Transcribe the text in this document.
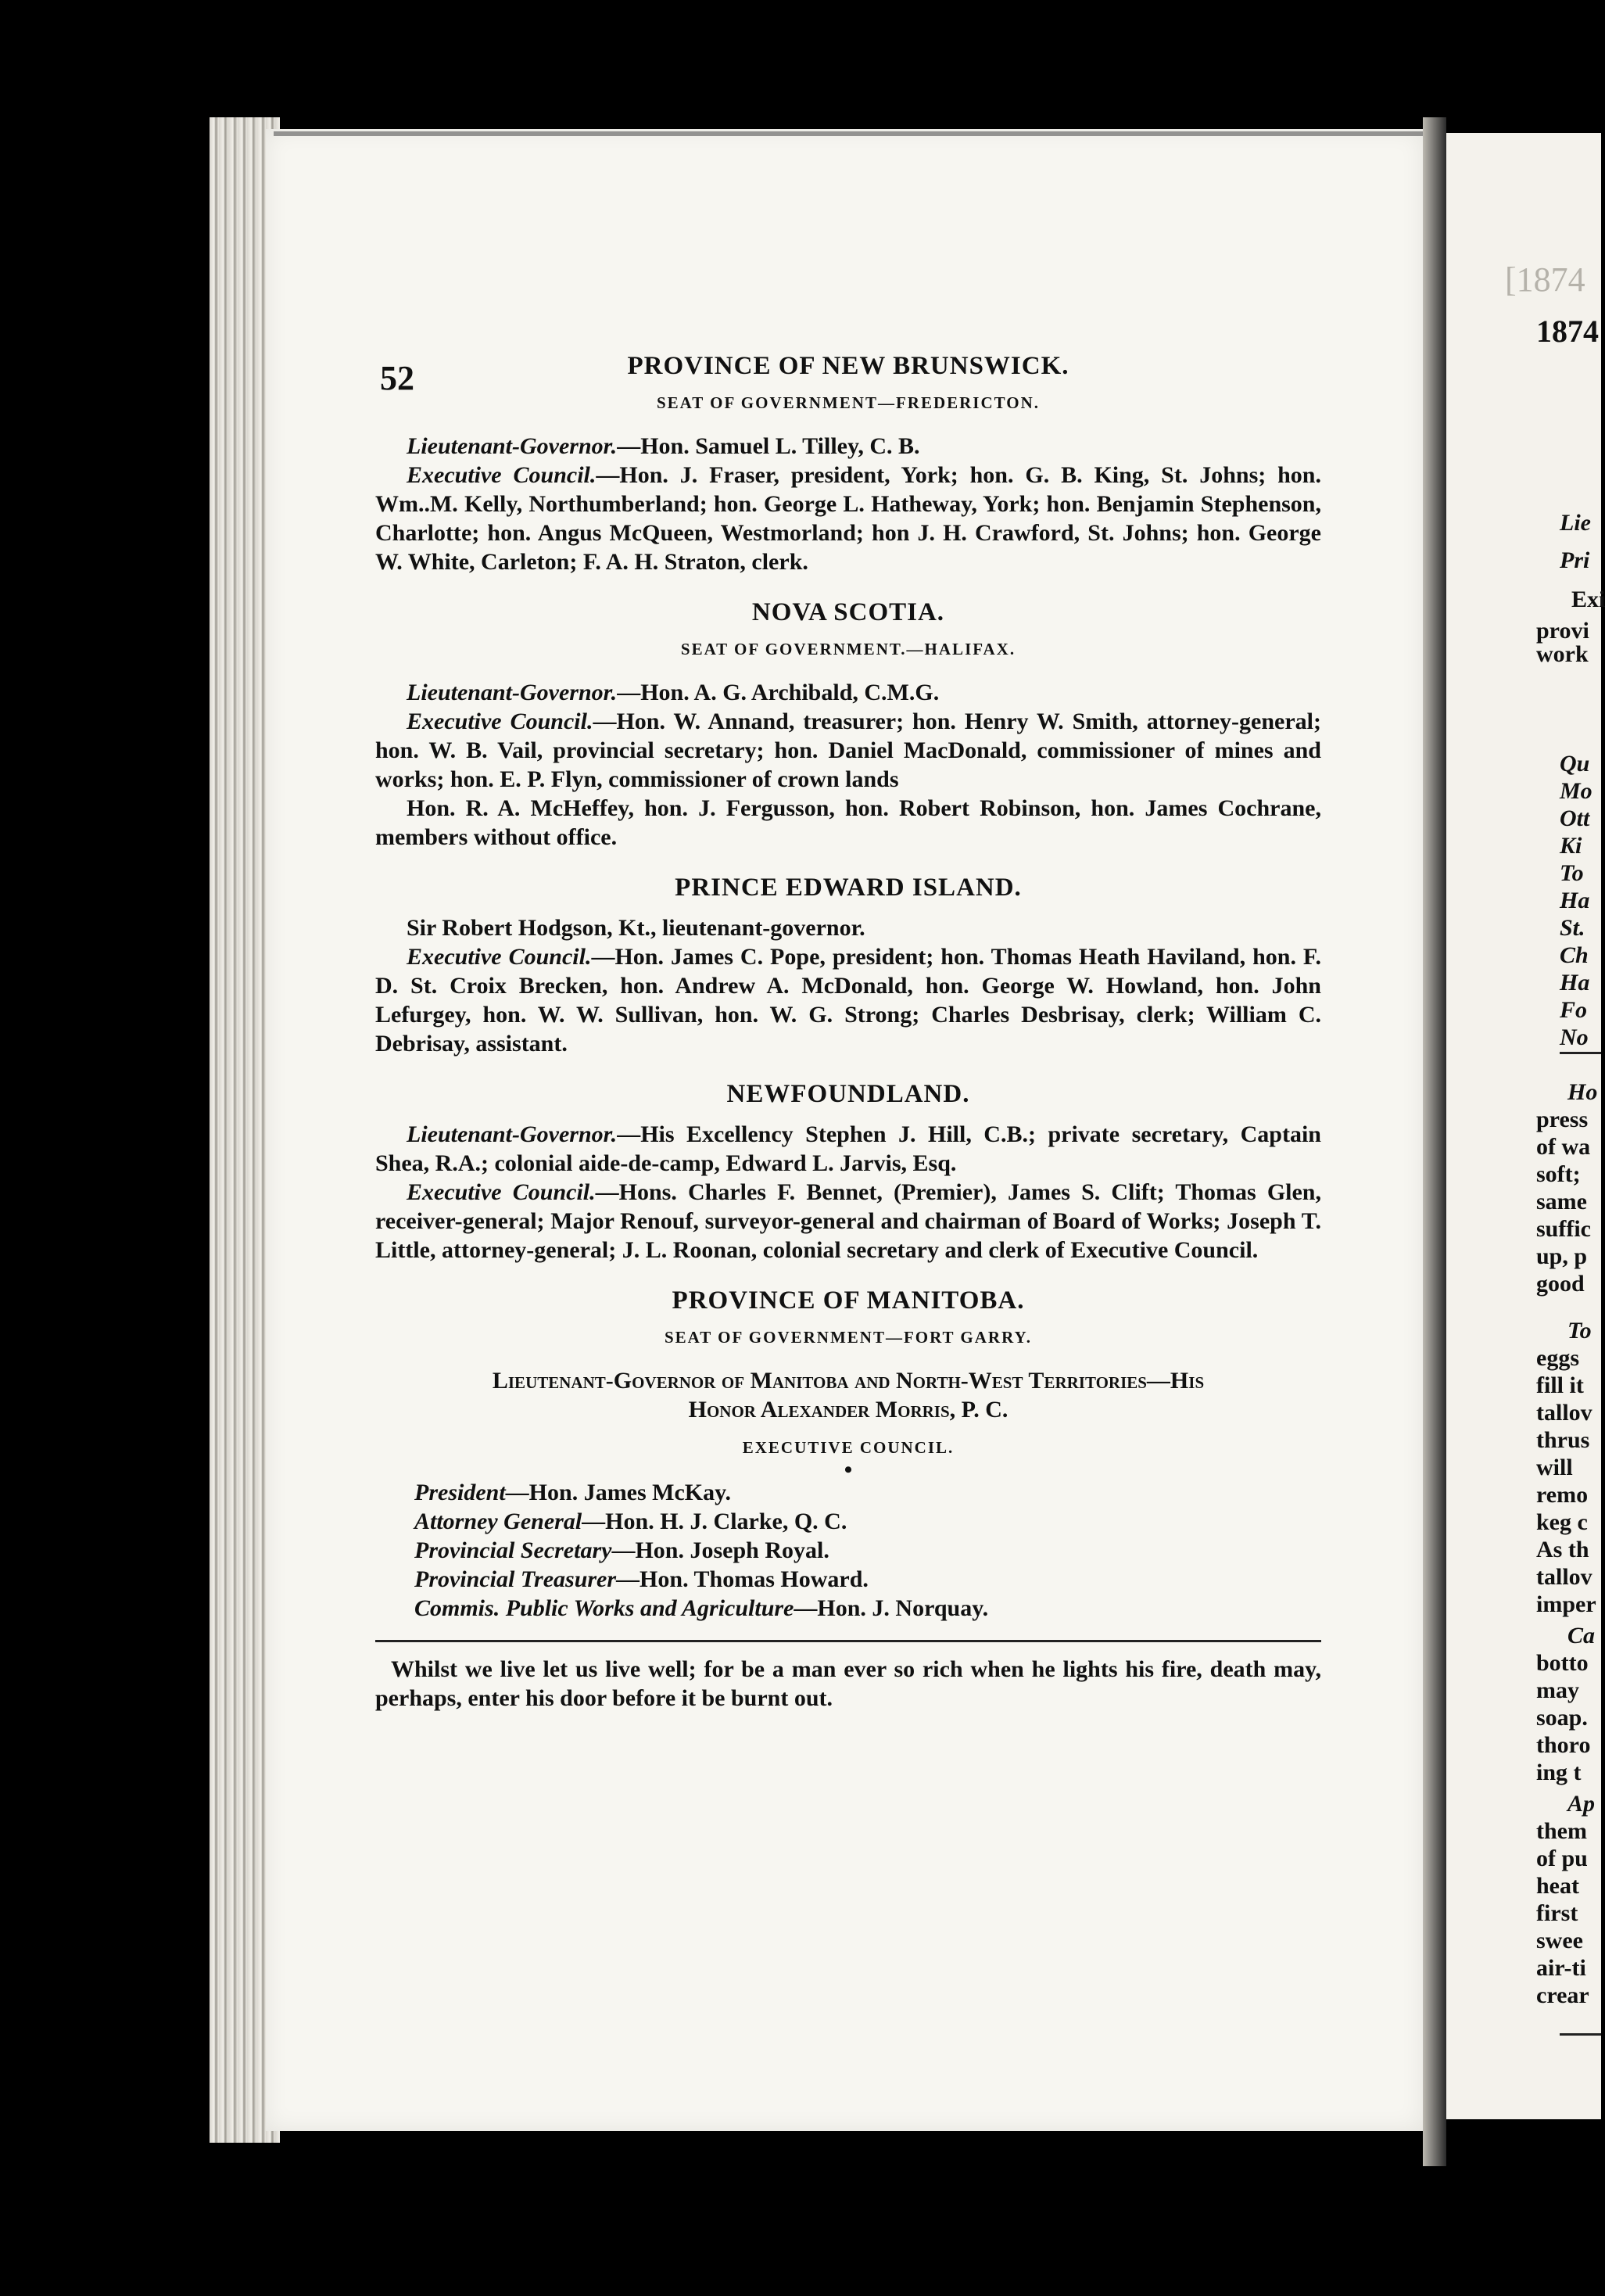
52	PROVINCE OF NEW BRUNSWICK.

SEAT OF GOVERNMENT—FREDERICTON.

Lieutenant-Governor.—Hon. Samuel L. Tilley, C. B.

Executive Council.—Hon. J. Fraser, president, York; hon. G. B. King, St. Johns; hon. Wm..M. Kelly, Northumberland; hon. George L. Hatheway, York; hon. Benjamin Stephenson, Charlotte; hon. Angus McQueen, Westmorland; hon J. H. Crawford, St. Johns; hon. George W. White, Carleton; F. A. H. Straton, clerk.

NOVA SCOTIA.

SEAT OF GOVERNMENT.—HALIFAX.

Lieutenant-Governor.—Hon. A. G. Archibald, C.M.G.

Executive Council.—Hon. W. Annand, treasurer; hon. Henry W. Smith, attorney-general; hon. W. B. Vail, provincial secretary; hon. Daniel MacDonald, commissioner of mines and works; hon. E. P. Flyn, commissioner of crown lands

Hon. R. A. McHeffey, hon. J. Fergusson, hon. Robert Robinson, hon. James Cochrane, members without office.

PRINCE EDWARD ISLAND.

Sir Robert Hodgson, Kt., lieutenant-governor.

Executive Council.—Hon. James C. Pope, president; hon. Thomas Heath Haviland, hon. F. D. St. Croix Brecken, hon. Andrew A. McDonald, hon. George W. Howland, hon. John Lefurgey, hon. W. W. Sullivan, hon. W. G. Strong; Charles Desbrisay, clerk; William C. Debrisay, assistant.

NEWFOUNDLAND.

Lieutenant-Governor.—His Excellency Stephen J. Hill, C.B.; private secretary, Captain Shea, R.A.; colonial aide-de-camp, Edward L. Jarvis, Esq.

Executive Council.—Hons. Charles F. Bennet, (Premier), James S. Clift; Thomas Glen, receiver-general; Major Renouf, surveyor-general and chairman of Board of Works; Joseph T. Little, attorney-general; J. L. Roonan, colonial secretary and clerk of Executive Council.

PROVINCE OF MANITOBA.

SEAT OF GOVERNMENT—FORT GARRY.

Lieutenant-Governor of Manitoba and North-West Territories—His
Honor Alexander Morris, P. C.

EXECUTIVE COUNCIL.

•

President—Hon. James McKay.

Attorney General—Hon. H. J. Clarke, Q. C.

Provincial Secretary—Hon. Joseph Royal.

Provincial Treasurer—Hon. Thomas Howard.

Commis. Public Works and Agriculture—Hon. J. Norquay.

Whilst we live let us live well; for be a man ever so rich when he lights his fire, death may, perhaps, enter his door before it be burnt out.

[1874
1874
Lie
Pri
Exi
provi
work
Qu
Mo
Ott
Ki
To
Ha
St.
Ch
Ha
Fo
No
Ho
press
of wa
soft;
same
suffic
up, p
good
To
eggs
fill it
tallov
thrus
will
remo
keg c
As th
tallov
imper
Ca
botto
may
soap.
thoro
ing t
Ap
them
of pu
heat
first
swee
air-ti
crear
